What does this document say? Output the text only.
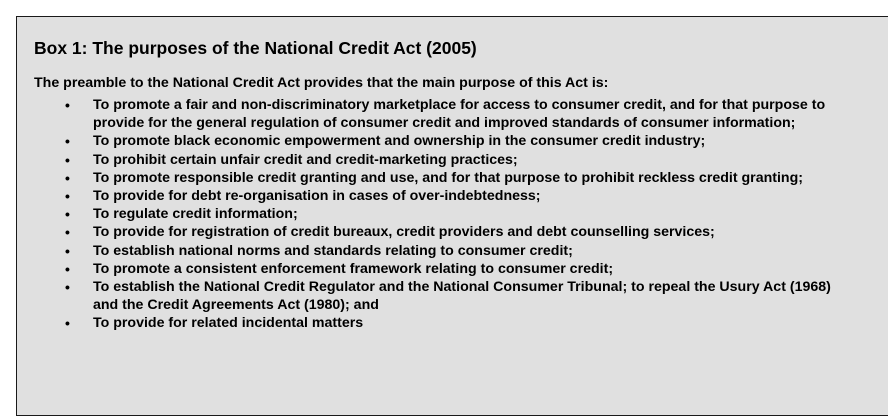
Box 1: The purposes of the National Credit Act (2005)

The preamble to the National Credit Act provides that the main purpose of this Act is:

• To promote a fair and non-discriminatory marketplace for access to consumer credit, and for that purpose to provide for the general regulation of consumer credit and improved standards of consumer information;
• To promote black economic empowerment and ownership in the consumer credit industry;
• To prohibit certain unfair credit and credit-marketing practices;
• To promote responsible credit granting and use, and for that purpose to prohibit reckless credit granting;
• To provide for debt re-organisation in cases of over-indebtedness;
• To regulate credit information;
• To provide for registration of credit bureaux, credit providers and debt counselling services;
• To establish national norms and standards relating to consumer credit;
• To promote a consistent enforcement framework relating to consumer credit;
• To establish the National Credit Regulator and the National Consumer Tribunal; to repeal the Usury Act (1968) and the Credit Agreements Act (1980); and
• To provide for related incidental matters
